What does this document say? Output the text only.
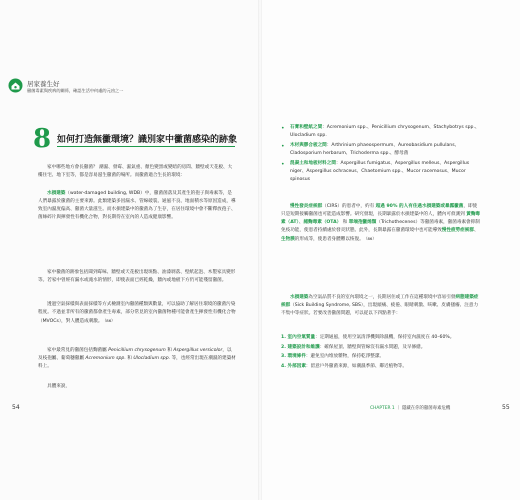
居家養生好
黴菌毒素與疾病的關係，確認生活中何處的元凶之一
8 如何打造無黴環境？識別家中黴菌感染的跡象
家中哪些地方會長黴菌？ 潮濕、發霉、濕氣重、顏色變黑或變暗的房間、牆壁或天花板、大樓住宅、地下室等，都是容易滋生黴菌的場所。而黴菌適合生長的環境：
水損建築（water-damaged building, WDB）中，黴菌菌落及其產生的孢子與毒素等，是人們暴露於黴菌的主要來源。此類建築多因漏水、管線破裂、通風不良、地面積水等原因造成，導致室內濕度偏高、黴菌大量滋生。而水損建築中的黴菌為了生存，在居住環境中會不斷釋放孢子、菌絲碎片與揮發性有機化合物，對長期待在室內的人造成健康影響。
家中黴菌的跡象包括聞到霉味、牆壁或天花板出現斑點、油漆剝落、壁紙起泡、木製家具變形等。若家中曾經有漏水或淹水的情形，即使表面已經乾燥，牆內或地板下方仍可能殘留黴菌。
透過空氣採樣與表面採樣等方式檢測室內黴菌種類與數量，可以協助了解居住環境的黴菌污染程度。不過並非所有的黴菌都會產生毒素，部分常見的室內黴菌物種可能會產生揮發性有機化合物（MVOCs），對人體造成刺激。（86）
家中最常見的黴菌包括麴菌屬 Penicillium chrysogenum 和 Aspergillus versicolor，以及枝孢屬、葡萄穗黴屬 Acremonium spp. 和 Ulocladium spp. 等，也經常出現在潮濕的建築材料上。
具體來說，
54
• 石膏和壁紙之間：Acremonium spp.、Penicillium chrysogenum、Stachybotrys spp.、Ulocladium spp.
• 木材與膠合板之間：Arthrinium phaeospermum、Aureobasidium pullulans、Cladosporium herbarum、Trichoderma spp.、酵母菌
• 混凝土和地板材料之間：Aspergillus fumigatus、Aspergillus melleus、Aspergillus niger、Aspergillus ochraceus、Chaetomium spp.、Mucor racemosus、Mucor spinosus
慢性發炎症候群（CIRS）的患者中，約有 超過 90% 的人有住過水損建築或暴露黴菌，即使只是短期接觸黴菌也可能造成影響。研究發現，長期暴露於水損建築中的人，體內可偵測到 黃麴毒素（AT）、赭麴毒素（OTA） 和 單端孢黴烯類（Trichothecenes）等黴菌毒素，黴菌毒素會抑制免疫功能，使患者持續處於發炎狀態。此外，長期暴露在黴菌環境中也可能導致慢性疲勞症候群、生物膜的形成等，使患者身體難以恢復。（86）
水損建築為空氣品質不良的室內環境之一，長期居住或工作在這種環境中容易引發病態建築症候群（Sick Building Syndrome, SBS），出現頭痛、疲倦、眼睛刺激、咳嗽、皮膚搔癢、注意力不集中等症狀。若要改善黴菌問題，可以從以下四點著手：
1. 室內空氣質量：定期通風，使用空氣清淨機與除濕機，保持室內濕度在 40–60%。
2. 建築設計和維護：確保屋頂、牆壁與管線沒有漏水問題，及早修繕。
3. 環境條件：避免室內堆放雜物，保持乾淨整潔。
4. 外部因素：留意戶外黴菌來源，如潮濕季節、鄰近植物等。
CHAPTER 1 ｜ 隱藏在你的黴菌毒素危機	55
